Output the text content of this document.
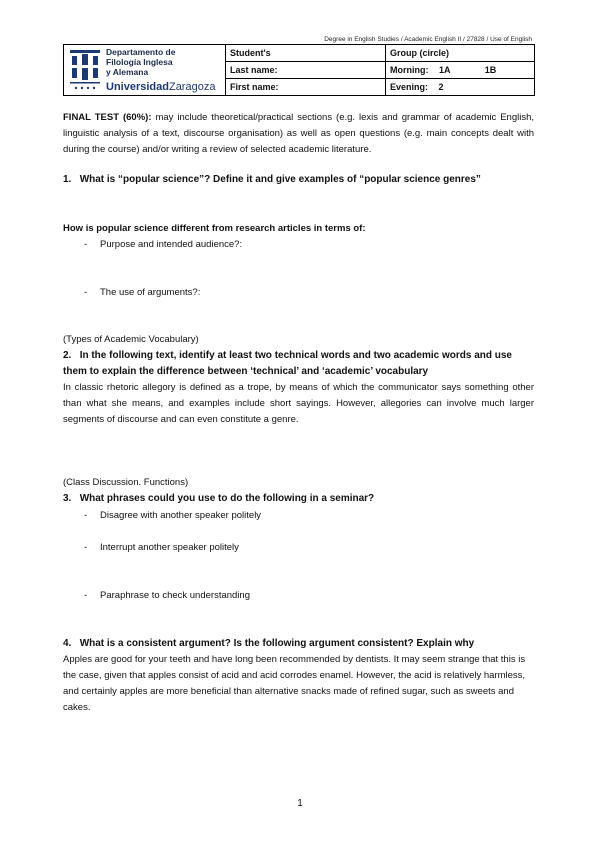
Degree in English Studies / Academic English II / 27828 / Use of English
Departamento de
Filología Inglesa
y Alemana
UniversidadZaragoza	Student's	Group (circle)
	Last name:	Morning: 1A 1B
	First name:	Evening: 2
FINAL TEST (60%): may include theoretical/practical sections (e.g. lexis and grammar of academic English, linguistic analysis of a text, discourse organisation) as well as open questions (e.g. main concepts dealt with during the course) and/or writing a review of selected academic literature.
1. What is “popular science”? Define it and give examples of “popular science genres”
How is popular science different from research articles in terms of:
- Purpose and intended audience?:
- The use of arguments?:
(Types of Academic Vocabulary)
2. In the following text, identify at least two technical words and two academic words and use
them to explain the difference between ‘technical’ and ‘academic’ vocabulary
In classic rhetoric allegory is defined as a trope, by means of which the communicator says something other than what she means, and examples include short sayings. However, allegories can involve much larger segments of discourse and can even constitute a genre.
(Class Discussion. Functions)
3. What phrases could you use to do the following in a seminar?
- Disagree with another speaker politely
- Interrupt another speaker politely
- Paraphrase to check understanding
4. What is a consistent argument? Is the following argument consistent? Explain why
Apples are good for your teeth and have long been recommended by dentists. It may seem strange that this is the case, given that apples consist of acid and acid corrodes enamel. However, the acid is relatively harmless, and certainly apples are more beneficial than alternative snacks made of refined sugar, such as sweets and cakes.
1
